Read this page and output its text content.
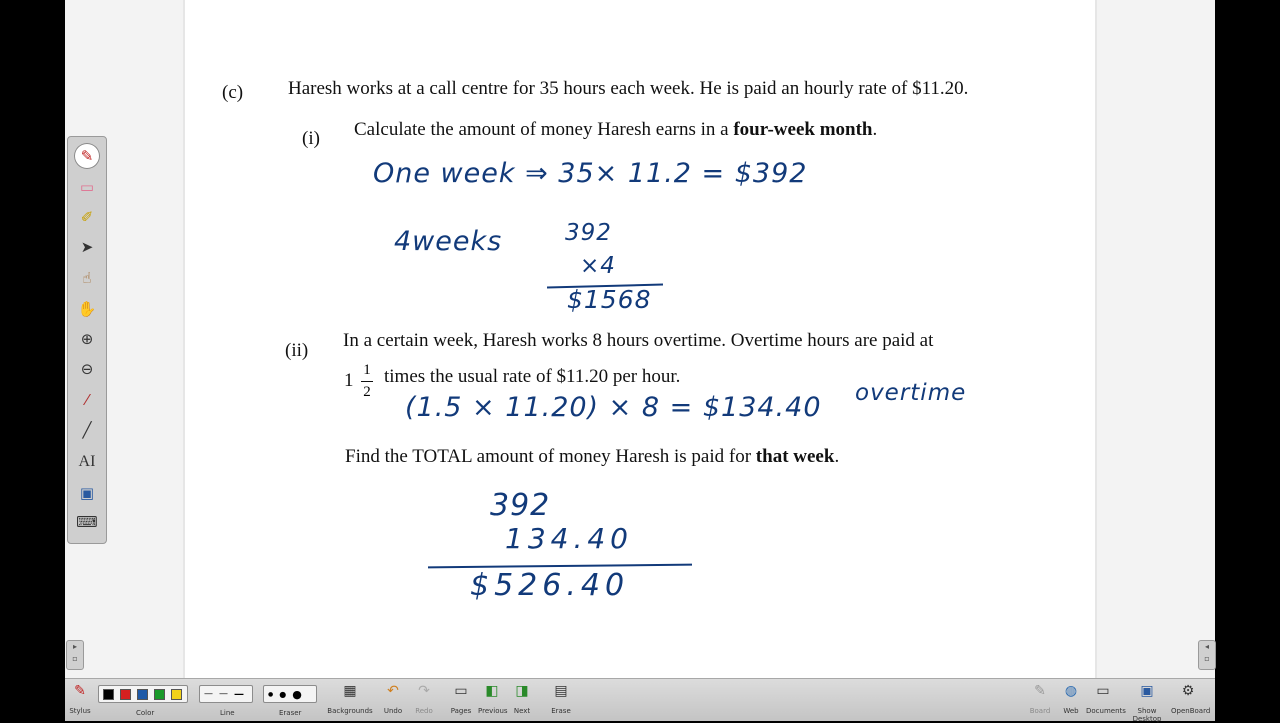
(c) Haresh works at a call centre for 35 hours each week. He is paid an hourly rate of $11.20.
(i) Calculate the amount of money Haresh earns in a four-week month.
One week ⇒ 35× 11.2 = $392
4weeks	392
×4
$1568
(ii) In a certain week, Haresh works 8 hours overtime. Overtime hours are paid at
1 1
2
times the usual rate of $11.20 per hour.
(1.5 × 11.20) × 8 = $134.40 overtime
Find the TOTAL amount of money Haresh is paid for that week.
392
134.40
$526.40
✎
▭
✐
➤
☝
✋
⊕
⊖
⁄
╱
AI
▣
⌨
▸
▫
◂
▫
✎
Stylus	Color
— — —
Line
● ● ●
Eraser
▦
Backgrounds
↶
Undo
↷
Redo
▭
Pages
◧
Previous
◨
Next
▤
Erase
✎
Board
◍
Web
▭
Documents
▣
Show Desktop
⚙
OpenBoard
